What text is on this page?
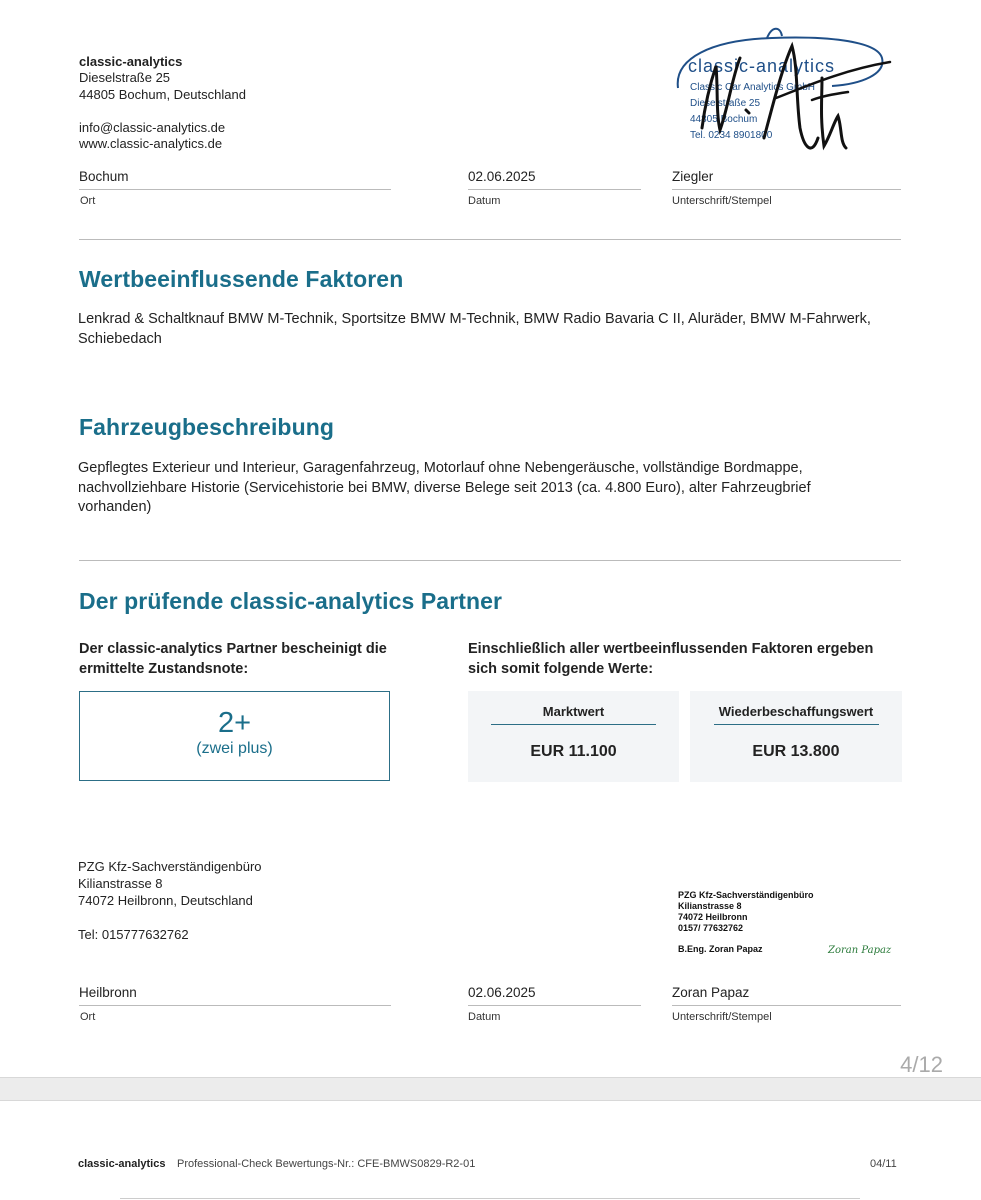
classic-analytics
Dieselstraße 25
44805 Bochum, Deutschland
info@classic-analytics.de
www.classic-analytics.de
classic-analytics
Classic Car Analytics GmbH
Dieselstraße 25
44805 Bochum
Tel. 0234 8901800
Bochum
Ort
02.06.2025
Datum
Ziegler
Unterschrift/Stempel
Wertbeeinflussende Faktoren
Lenkrad & Schaltknauf BMW M-Technik, Sportsitze BMW M-Technik, BMW Radio Bavaria C II, Aluräder, BMW M-Fahrwerk, Schiebedach
Fahrzeugbeschreibung
Gepflegtes Exterieur und Interieur, Garagenfahrzeug, Motorlauf ohne Nebengeräusche, vollständige Bordmappe, nachvollziehbare Historie (Servicehistorie bei BMW, diverse Belege seit 2013 (ca. 4.800 Euro), alter Fahrzeugbrief vorhanden)
Der prüfende classic-analytics Partner
Der classic-analytics Partner bescheinigt die ermittelte Zustandsnote:
2+
(zwei plus)
Einschließlich aller wertbeeinflussenden Faktoren ergeben sich somit folgende Werte:
Marktwert
EUR 11.100
Wiederbeschaffungswert
EUR 13.800
PZG Kfz-Sachverständigenbüro
Kilianstrasse 8
74072 Heilbronn, Deutschland
Tel: 015777632762
PZG Kfz-Sachverständigenbüro
Kilianstrasse 8
74072 Heilbronn
0157/ 77632762
B.Eng. Zoran Papaz	Zoran Papaz
Heilbronn
Ort
02.06.2025
Datum
Zoran Papaz
Unterschrift/Stempel
4/12
classic-analytics Professional-Check Bewertungs-Nr.: CFE-BMWS0829-R2-01	04/11
